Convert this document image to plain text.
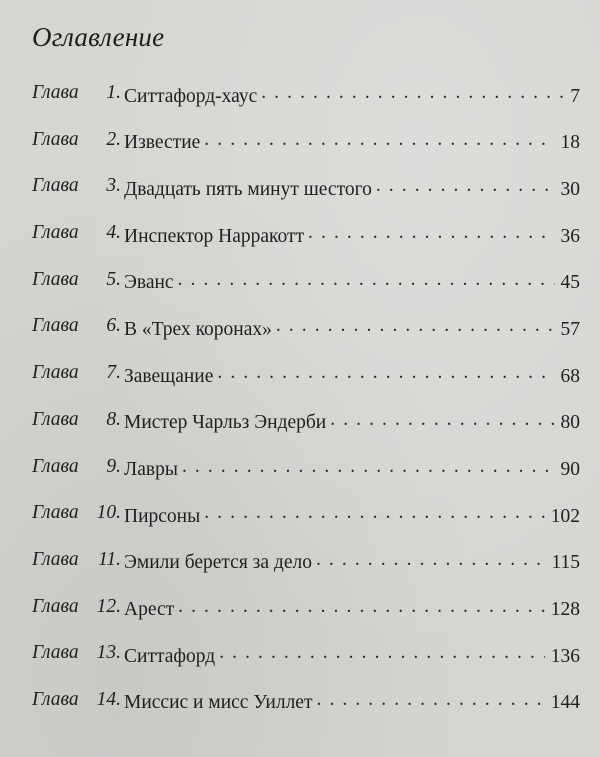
Оглавление
Глава 1. Ситтафорд-хаус . . .	7
Глава 2. Известие . . .	18
Глава 3. Двадцать пять минут шестого . . .	30
Глава 4. Инспектор Нарракотт . . .	36
Глава 5. Эванс . . .	45
Глава 6. В «Трех коронах» . . .	57
Глава 7. Завещание . . .	68
Глава 8. Мистер Чарльз Эндерби . . .	80
Глава 9. Лавры . . .	90
Глава 10. Пирсоны . . .	102
Глава 11. Эмили берется за дело . . .	115
Глава 12. Арест . . .	128
Глава 13. Ситтафорд . . .	136
Глава 14. Миссис и мисс Уиллет . . .	144
